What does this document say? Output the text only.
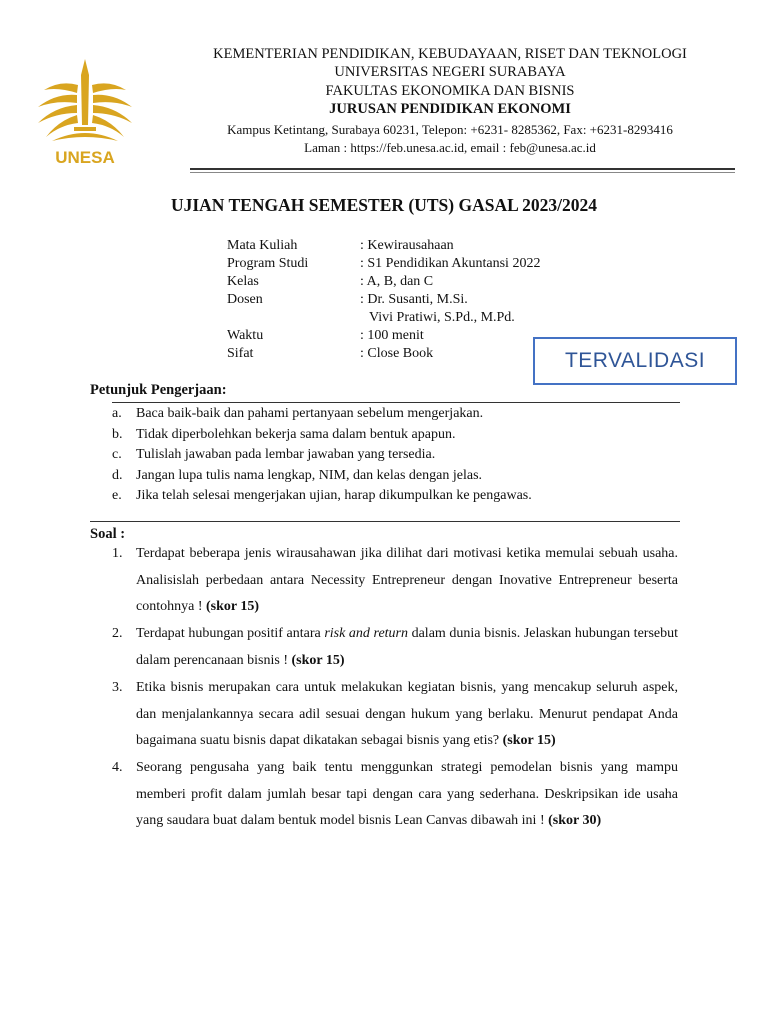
UNESA
KEMENTERIAN PENDIDIKAN, KEBUDAYAAN, RISET DAN TEKNOLOGI
UNIVERSITAS NEGERI SURABAYA
FAKULTAS EKONOMIKA DAN BISNIS
JURUSAN PENDIDIKAN EKONOMI
Kampus Ketintang, Surabaya 60231, Telepon: +6231- 8285362, Fax: +6231-8293416
Laman : https://feb.unesa.ac.id, email : feb@unesa.ac.id
UJIAN TENGAH SEMESTER (UTS) GASAL 2023/2024
Mata Kuliah	: Kewirausahaan
Program Studi	: S1 Pendidikan Akuntansi 2022
Kelas	: A, B, dan C
Dosen	: Dr. Susanti, M.Si.
Vivi Pratiwi, S.Pd., M.Pd.
Waktu	: 100 menit
Sifat	: Close Book	TERVALIDASI
Petunjuk Pengerjaan:
a. Baca baik-baik dan pahami pertanyaan sebelum mengerjakan.
b. Tidak diperbolehkan bekerja sama dalam bentuk apapun.
c. Tulislah jawaban pada lembar jawaban yang tersedia.
d. Jangan lupa tulis nama lengkap, NIM, dan kelas dengan jelas.
e. Jika telah selesai mengerjakan ujian, harap dikumpulkan ke pengawas.
Soal :
1. Terdapat beberapa jenis wirausahawan jika dilihat dari motivasi ketika memulai sebuah usaha. Analisislah perbedaan antara Necessity Entrepreneur dengan Inovative Entrepreneur beserta contohnya ! (skor 15)
2. Terdapat hubungan positif antara risk and return dalam dunia bisnis. Jelaskan hubungan tersebut dalam perencanaan bisnis ! (skor 15)
3. Etika bisnis merupakan cara untuk melakukan kegiatan bisnis, yang mencakup seluruh aspek, dan menjalankannya secara adil sesuai dengan hukum yang berlaku. Menurut pendapat Anda bagaimana suatu bisnis dapat dikatakan sebagai bisnis yang etis? (skor 15)
4. Seorang pengusaha yang baik tentu menggunkan strategi pemodelan bisnis yang mampu memberi profit dalam jumlah besar tapi dengan cara yang sederhana. Deskripsikan ide usaha yang saudara buat dalam bentuk model bisnis Lean Canvas dibawah ini ! (skor 30)
